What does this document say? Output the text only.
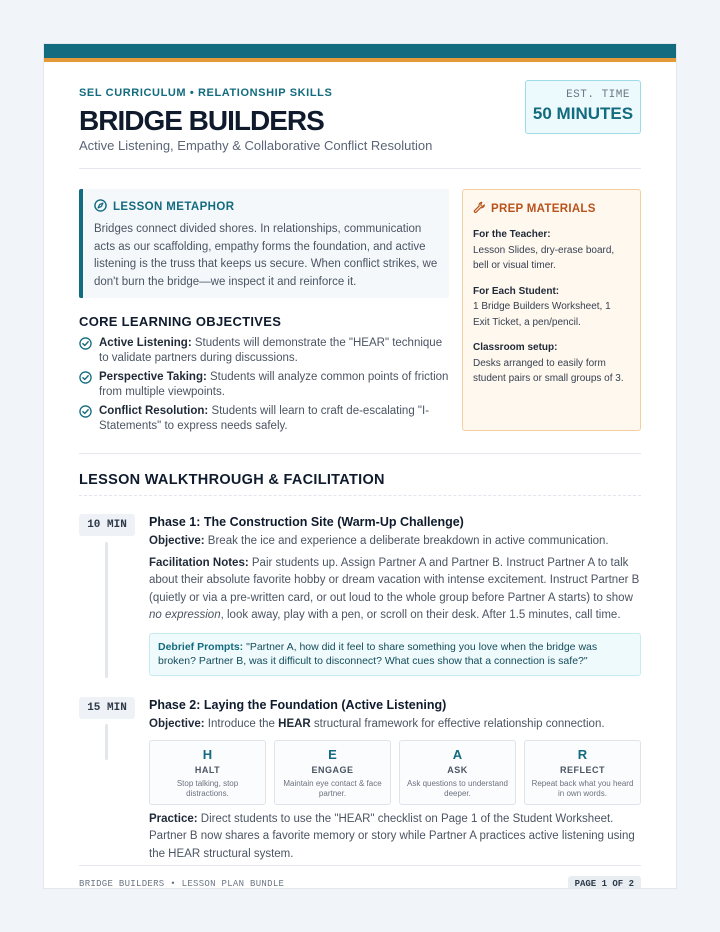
SEL CURRICULUM • RELATIONSHIP SKILLS
BRIDGE BUILDERS
Active Listening, Empathy & Collaborative Conflict Resolution
EST. TIME
50 MINUTES
LESSON METAPHOR
Bridges connect divided shores. In relationships, communication acts as our scaffolding, empathy forms the foundation, and active listening is the truss that keeps us secure. When conflict strikes, we don't burn the bridge—we inspect it and reinforce it.
CORE LEARNING OBJECTIVES
Active Listening: Students will demonstrate the "HEAR" technique to validate partners during discussions.
Perspective Taking: Students will analyze common points of friction from multiple viewpoints.
Conflict Resolution: Students will learn to craft de-escalating "I-Statements" to express needs safely.
PREP MATERIALS
For the Teacher:
Lesson Slides, dry-erase board, bell or visual timer.
For Each Student:
1 Bridge Builders Worksheet, 1 Exit Ticket, a pen/pencil.
Classroom setup:
Desks arranged to easily form student pairs or small groups of 3.
LESSON WALKTHROUGH & FACILITATION
10 MIN	Phase 1: The Construction Site (Warm-Up Challenge)
Objective: Break the ice and experience a deliberate breakdown in active communication.
Facilitation Notes: Pair students up. Assign Partner A and Partner B. Instruct Partner A to talk about their absolute favorite hobby or dream vacation with intense excitement. Instruct Partner B (quietly or via a pre-written card, or out loud to the whole group before Partner A starts) to show no expression, look away, play with a pen, or scroll on their desk. After 1.5 minutes, call time.
Debrief Prompts: "Partner A, how did it feel to share something you love when the bridge was broken? Partner B, was it difficult to disconnect? What cues show that a connection is safe?"
15 MIN	Phase 2: Laying the Foundation (Active Listening)
Objective: Introduce the HEAR structural framework for effective relationship connection.
H
HALT
Stop talking, stop distractions.
E
ENGAGE
Maintain eye contact & face partner.
A
ASK
Ask questions to understand deeper.
R
REFLECT
Repeat back what you heard in own words.
Practice: Direct students to use the "HEAR" checklist on Page 1 of the Student Worksheet. Partner B now shares a favorite memory or story while Partner A practices active listening using the HEAR structural system.
BRIDGE BUILDERS • LESSON PLAN BUNDLE	PAGE 1 OF 2
